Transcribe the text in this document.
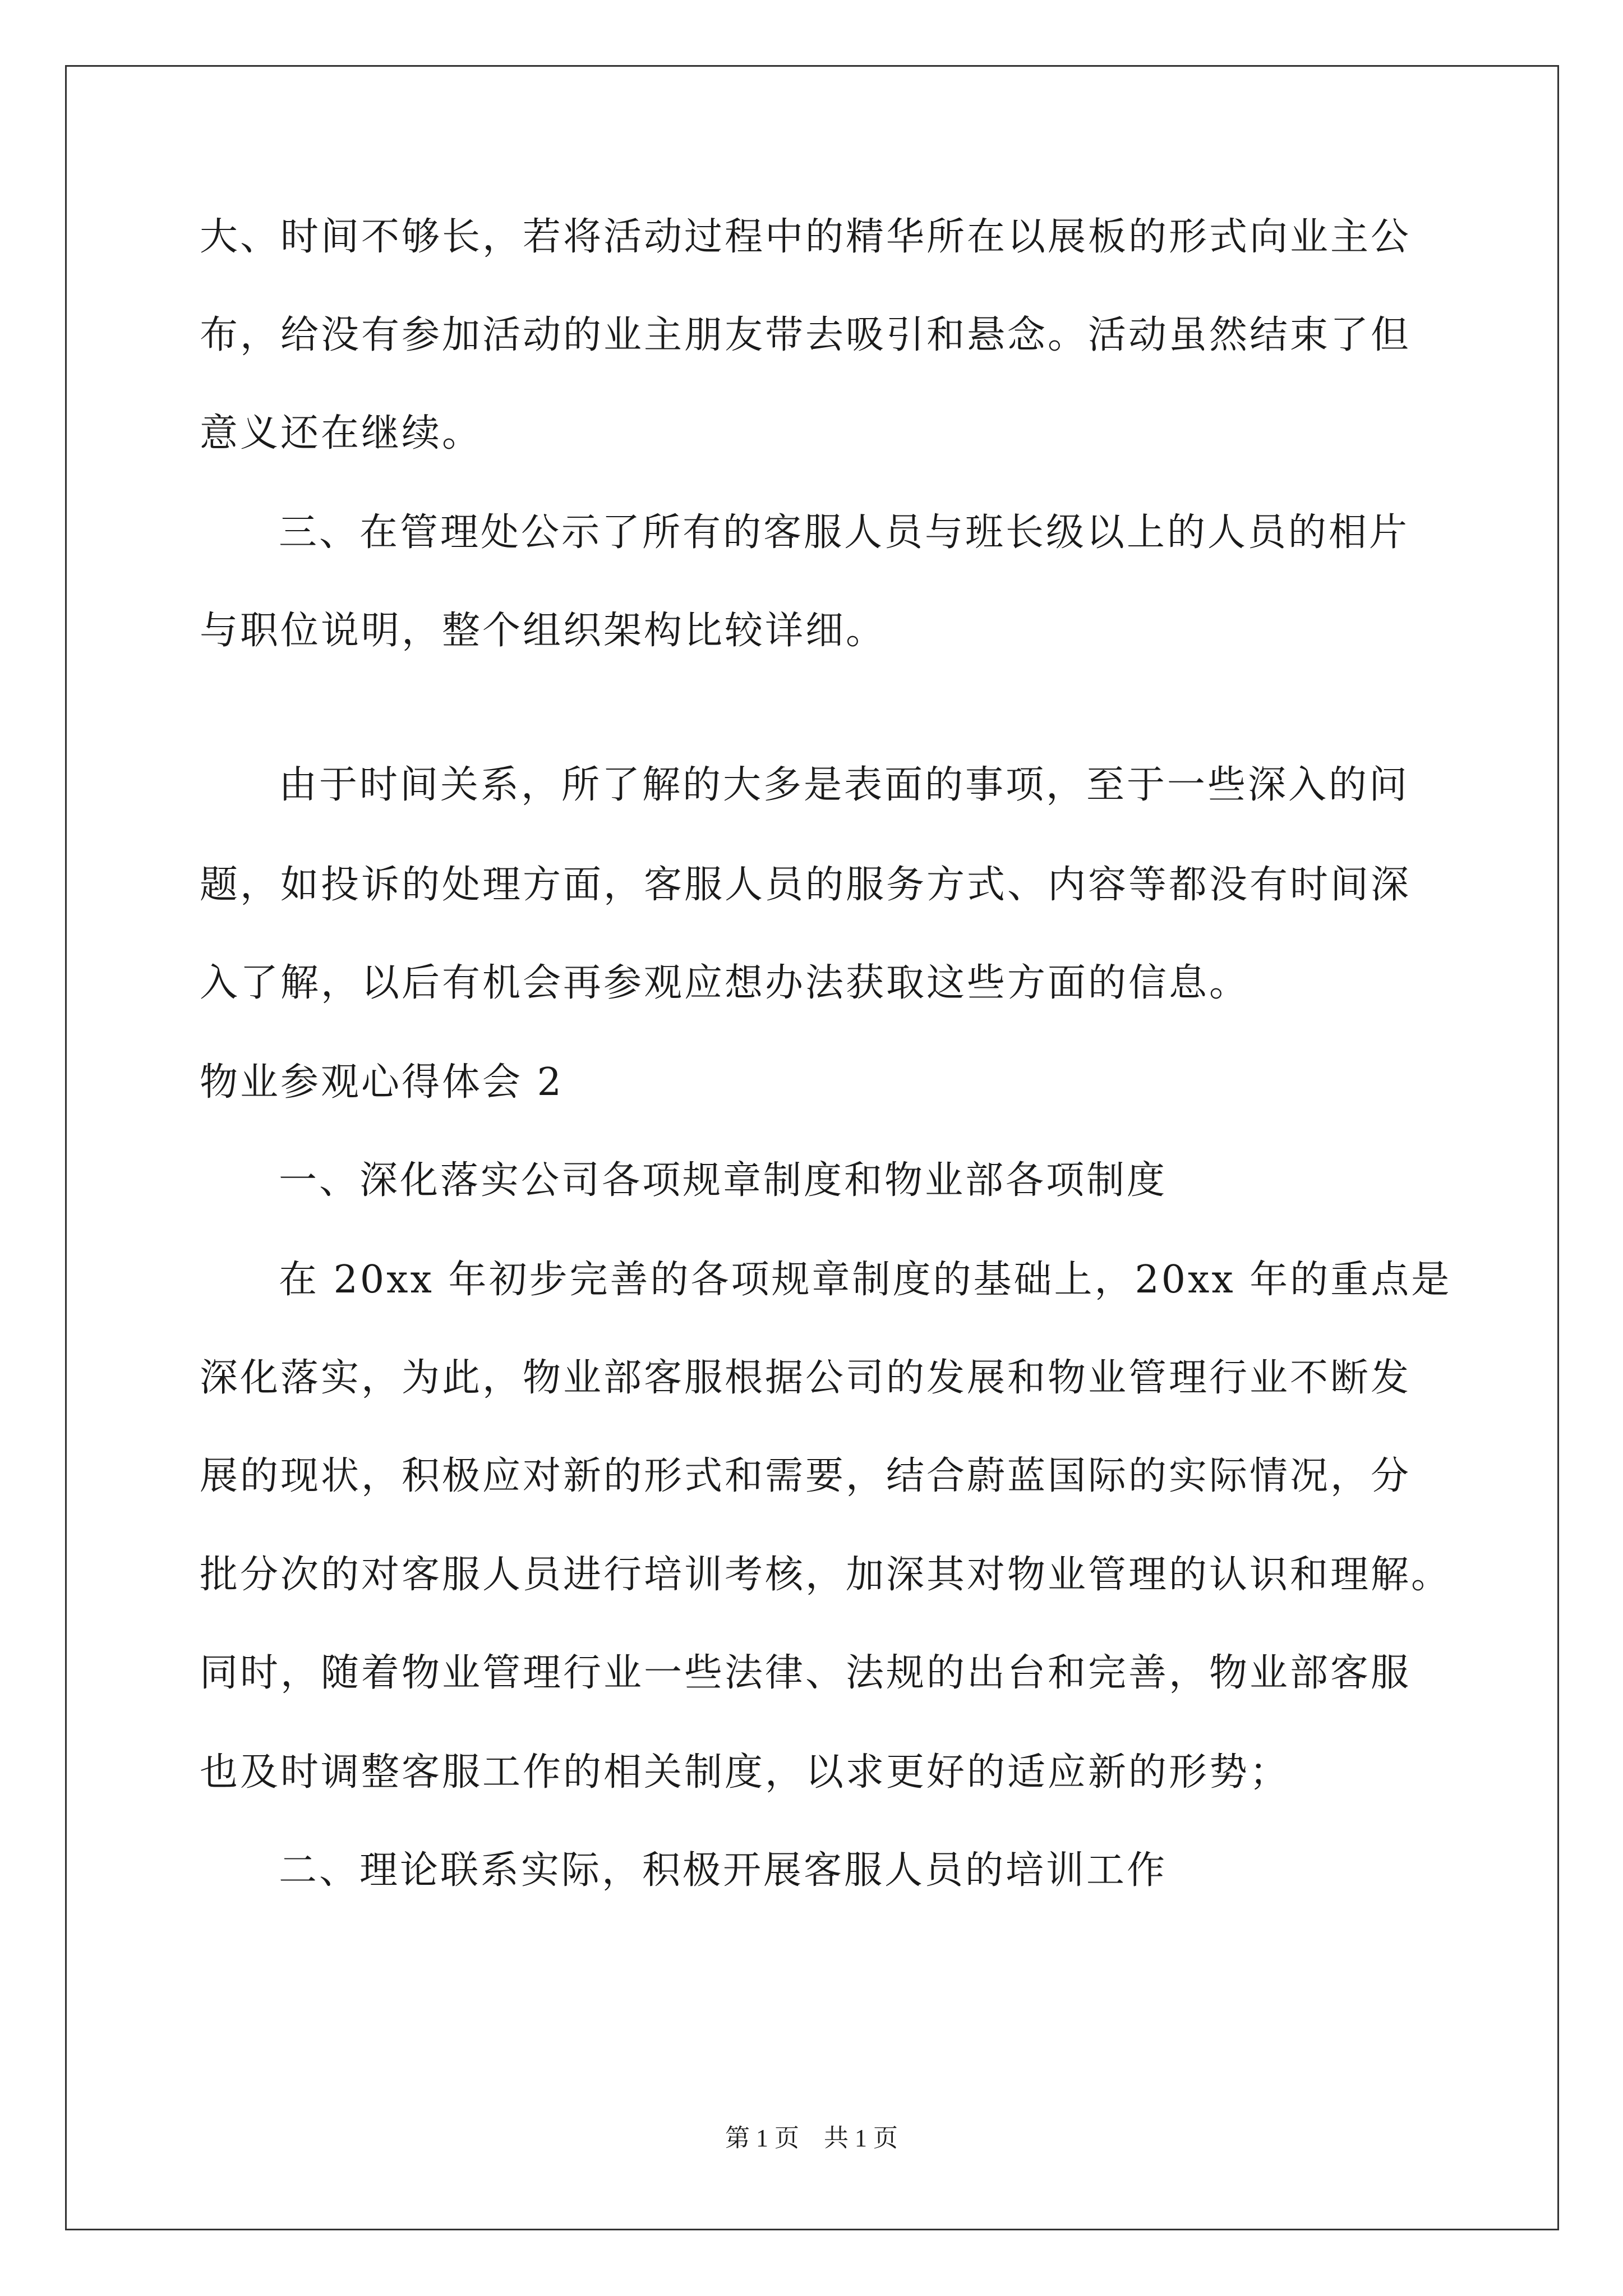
大、时间不够长，若将活动过程中的精华所在以展板的形式向业主公
布，给没有参加活动的业主朋友带去吸引和悬念。活动虽然结束了但
意义还在继续。
三、在管理处公示了所有的客服人员与班长级以上的人员的相片
与职位说明，整个组织架构比较详细。
由于时间关系，所了解的大多是表面的事项，至于一些深入的问
题，如投诉的处理方面，客服人员的服务方式、内容等都没有时间深
入了解，以后有机会再参观应想办法获取这些方面的信息。
物业参观心得体会 2
一、深化落实公司各项规章制度和物业部各项制度
在 20xx 年初步完善的各项规章制度的基础上，20xx 年的重点是
深化落实，为此，物业部客服根据公司的发展和物业管理行业不断发
展的现状，积极应对新的形式和需要，结合蔚蓝国际的实际情况，分
批分次的对客服人员进行培训考核，加深其对物业管理的认识和理解。
同时，随着物业管理行业一些法律、法规的出台和完善，物业部客服
也及时调整客服工作的相关制度，以求更好的适应新的形势；
二、理论联系实际，积极开展客服人员的培训工作
第 1 页　共 1 页
